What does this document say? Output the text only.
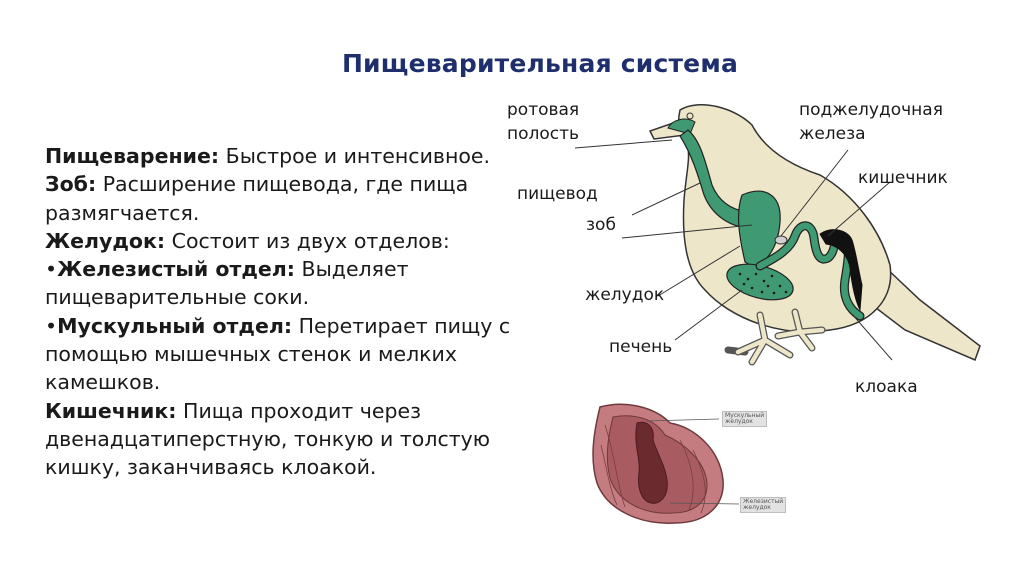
Пищеварительная система

Пищеварение: Быстрое и интенсивное.

Зоб: Расширение пищевода, где пища размягчается.

Желудок: Состоит из двух отделов:

•Железистый отдел: Выделяет пищеварительные соки.

•Мускульный отдел: Перетирает пищу с помощью мышечных стенок и мелких камешков.

Кишечник: Пища проходит через двенадцатиперстную, тонкую и толстую кишку, заканчиваясь клоакой.

ротовая
полость
поджелудочная
железа
кишечник
пищевод
зоб
желудок
печень
клоака
Мускульный
желудок
Железистый
желудок
